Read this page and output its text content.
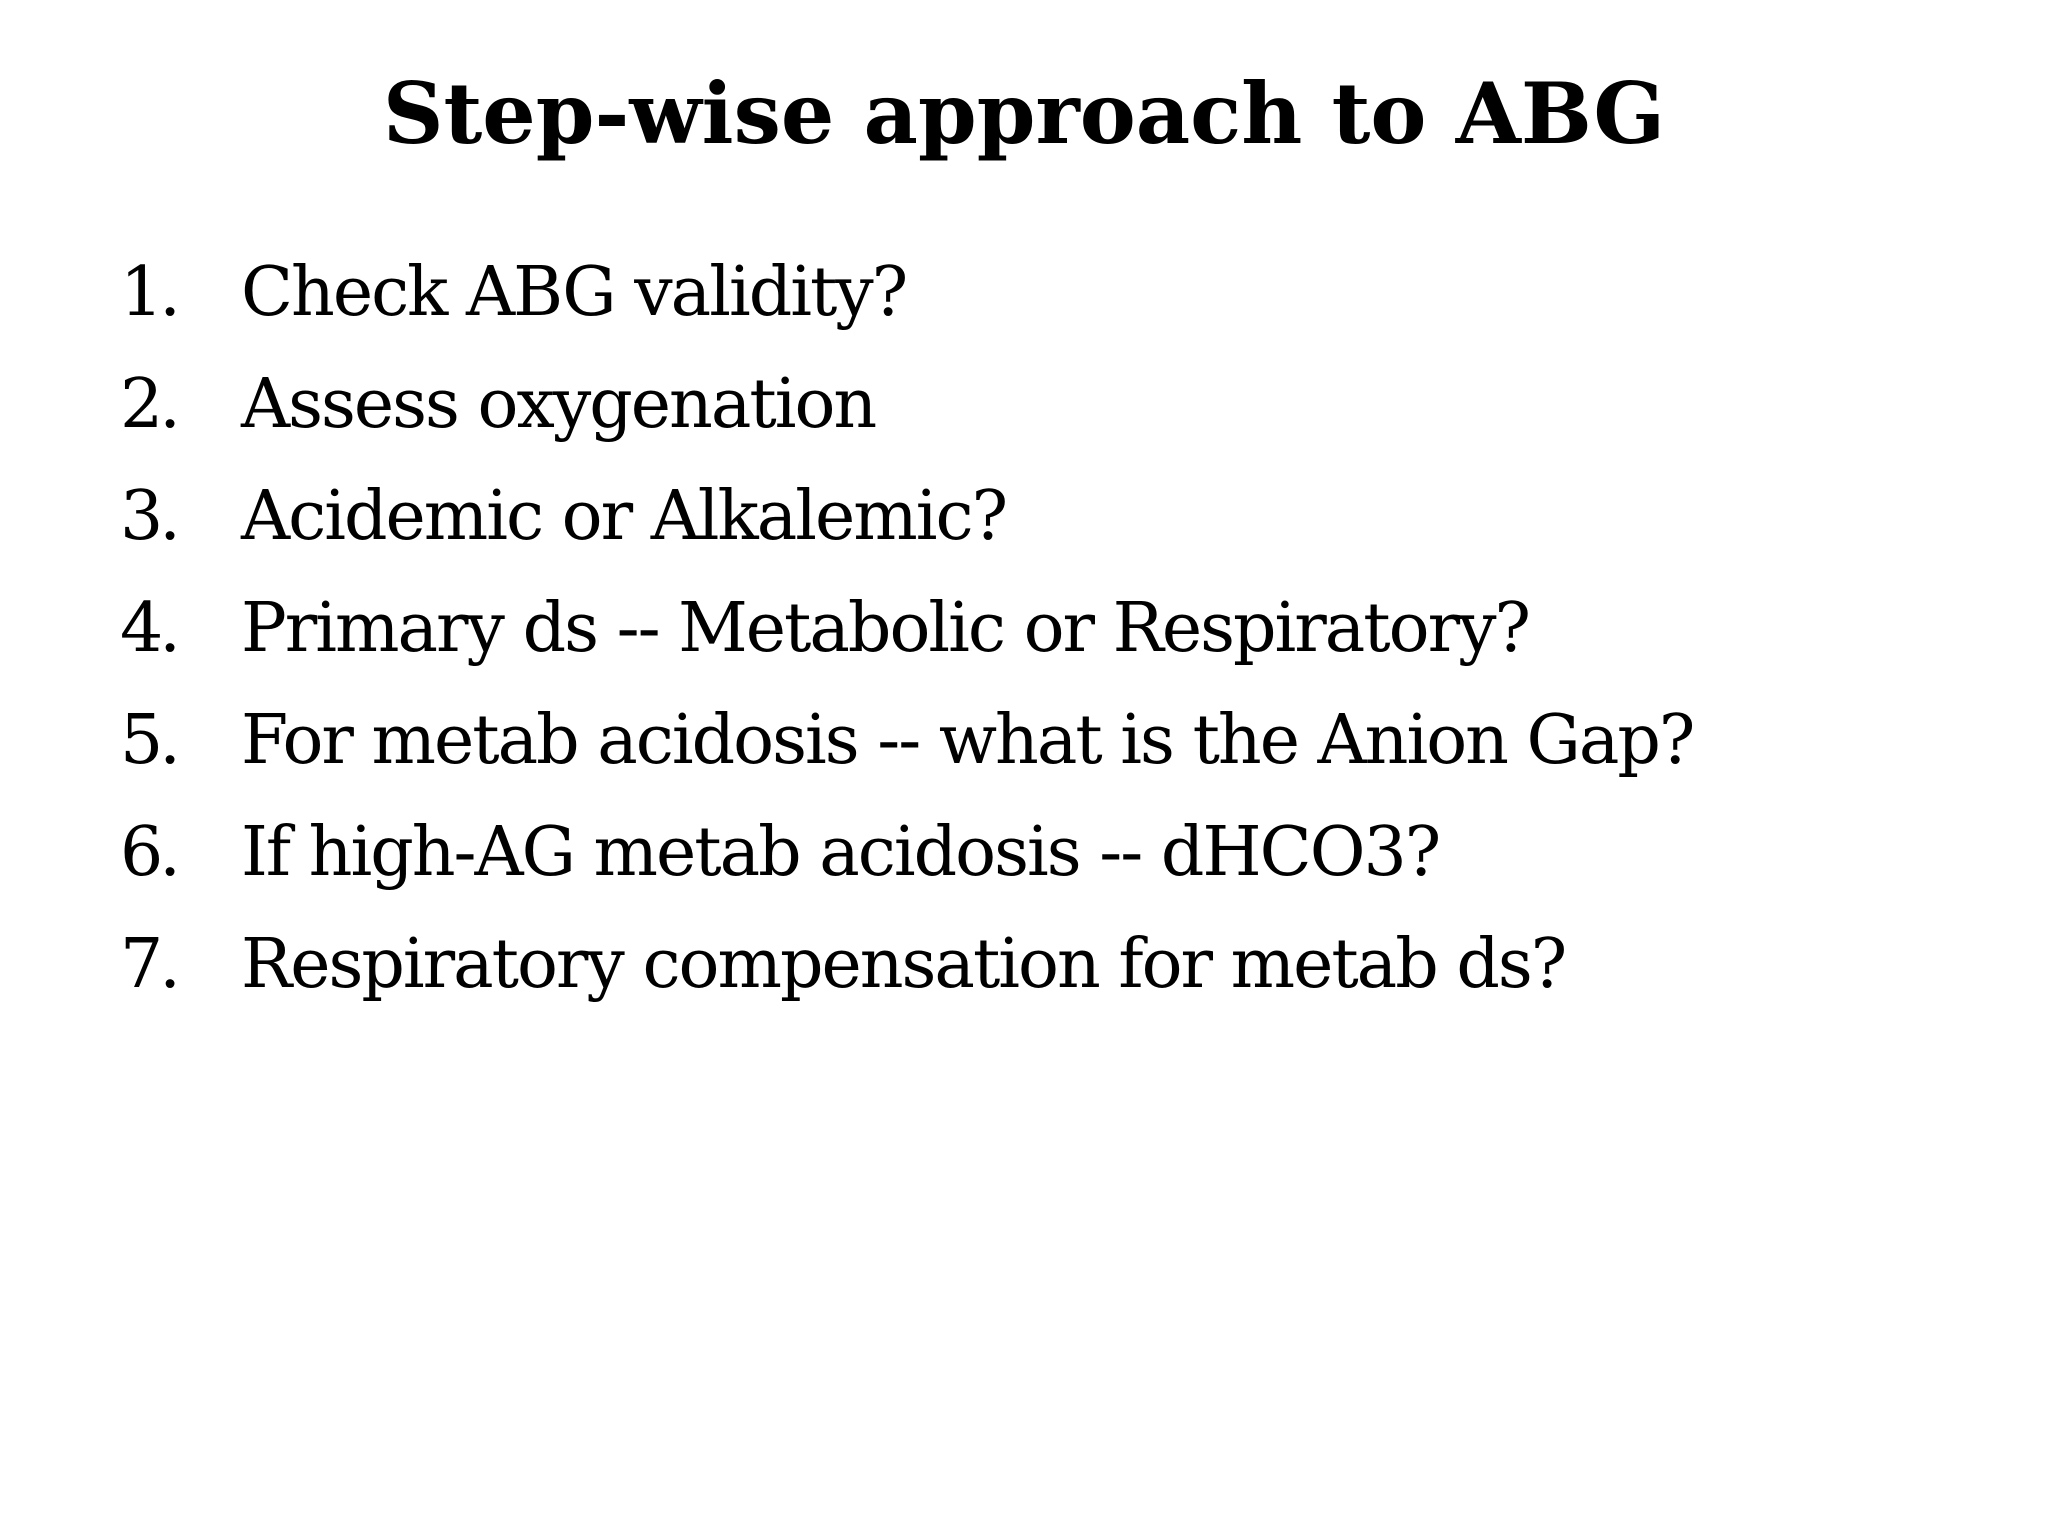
Step-wise approach to ABG
1. Check ABG validity?
2. Assess oxygenation
3. Acidemic or Alkalemic?
4. Primary ds -- Metabolic or Respiratory?
5. For metab acidosis -- what is the Anion Gap?
6. If high-AG metab acidosis -- dHCO3?
7. Respiratory compensation for metab ds?
